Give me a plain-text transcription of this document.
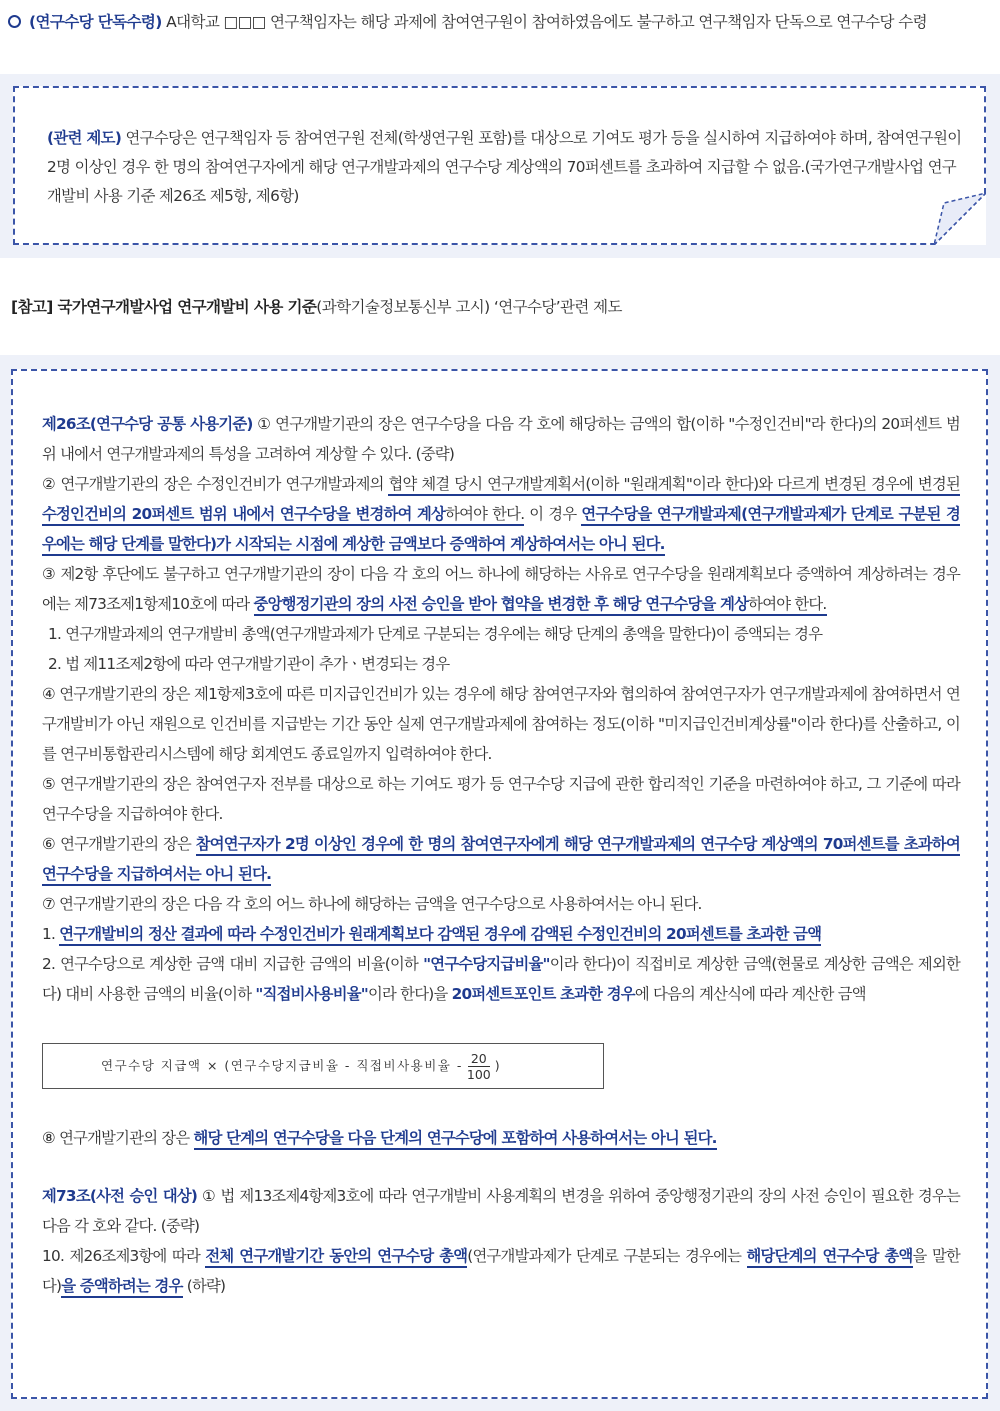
(연구수당 단독수령) A대학교 □□□ 연구책임자는 해당 과제에 참여연구원이 참여하였음에도 불구하고 연구책임자 단독으로 연구수당 수령
(관련 제도) 연구수당은 연구책임자 등 참여연구원 전체(학생연구원 포함)를 대상으로 기여도 평가 등을 실시하여 지급하여야 하며, 참여연구원이 2명 이상인 경우 한 명의 참여연구자에게 해당 연구개발과제의 연구수당 계상액의 70퍼센트를 초과하여 지급할 수 없음.(국가연구개발사업 연구개발비 사용 기준 제26조 제5항, 제6항)
[참고] 국가연구개발사업 연구개발비 사용 기준(과학기술정보통신부 고시) ‘연구수당’관련 제도

제26조(연구수당 공통 사용기준) ① 연구개발기관의 장은 연구수당을 다음 각 호에 해당하는 금액의 합(이하 "수정인건비"라 한다)의 20퍼센트 범위 내에서 연구개발과제의 특성을 고려하여 계상할 수 있다. (중략)

② 연구개발기관의 장은 수정인건비가 연구개발과제의 협약 체결 당시 연구개발계획서(이하 "원래계획"이라 한다)와 다르게 변경된 경우에 변경된 수정인건비의 20퍼센트 범위 내에서 연구수당을 변경하여 계상하여야 한다. 이 경우 연구수당을 연구개발과제(연구개발과제가 단계로 구분된 경우에는 해당 단계를 말한다)가 시작되는 시점에 계상한 금액보다 증액하여 계상하여서는 아니 된다.

③ 제2항 후단에도 불구하고 연구개발기관의 장이 다음 각 호의 어느 하나에 해당하는 사유로 연구수당을 원래계획보다 증액하여 계상하려는 경우에는 제73조제1항제10호에 따라 중앙행정기관의 장의 사전 승인을 받아 협약을 변경한 후 해당 연구수당을 계상하여야 한다.

1. 연구개발과제의 연구개발비 총액(연구개발과제가 단계로 구분되는 경우에는 해당 단계의 총액을 말한다)이 증액되는 경우

2. 법 제11조제2항에 따라 연구개발기관이 추가ㆍ변경되는 경우

④ 연구개발기관의 장은 제1항제3호에 따른 미지급인건비가 있는 경우에 해당 참여연구자와 협의하여 참여연구자가 연구개발과제에 참여하면서 연구개발비가 아닌 재원으로 인건비를 지급받는 기간 동안 실제 연구개발과제에 참여하는 정도(이하 "미지급인건비계상률"이라 한다)를 산출하고, 이를 연구비통합관리시스템에 해당 회계연도 종료일까지 입력하여야 한다.

⑤ 연구개발기관의 장은 참여연구자 전부를 대상으로 하는 기여도 평가 등 연구수당 지급에 관한 합리적인 기준을 마련하여야 하고, 그 기준에 따라 연구수당을 지급하여야 한다.

⑥ 연구개발기관의 장은 참여연구자가 2명 이상인 경우에 한 명의 참여연구자에게 해당 연구개발과제의 연구수당 계상액의 70퍼센트를 초과하여 연구수당을 지급하여서는 아니 된다.

⑦ 연구개발기관의 장은 다음 각 호의 어느 하나에 해당하는 금액을 연구수당으로 사용하여서는 아니 된다.

1. 연구개발비의 정산 결과에 따라 수정인건비가 원래계획보다 감액된 경우에 감액된 수정인건비의 20퍼센트를 초과한 금액

2. 연구수당으로 계상한 금액 대비 지급한 금액의 비율(이하 "연구수당지급비율"이라 한다)이 직접비로 계상한 금액(현물로 계상한 금액은 제외한다) 대비 사용한 금액의 비율(이하 "직접비사용비율"이라 한다)을 20퍼센트포인트 초과한 경우에 다음의 계산식에 따라 계산한 금액

연구수당 지급액 × (연구수당지급비율 - 직접비사용비율 - $\frac{20}{100}$ )

⑧ 연구개발기관의 장은 해당 단계의 연구수당을 다음 단계의 연구수당에 포함하여 사용하여서는 아니 된다.

제73조(사전 승인 대상) ① 법 제13조제4항제3호에 따라 연구개발비 사용계획의 변경을 위하여 중앙행정기관의 장의 사전 승인이 필요한 경우는 다음 각 호와 같다. (중략)

10. 제26조제3항에 따라 전체 연구개발기간 동안의 연구수당 총액(연구개발과제가 단계로 구분되는 경우에는 해당단계의 연구수당 총액을 말한다)을 증액하려는 경우 (하략)
